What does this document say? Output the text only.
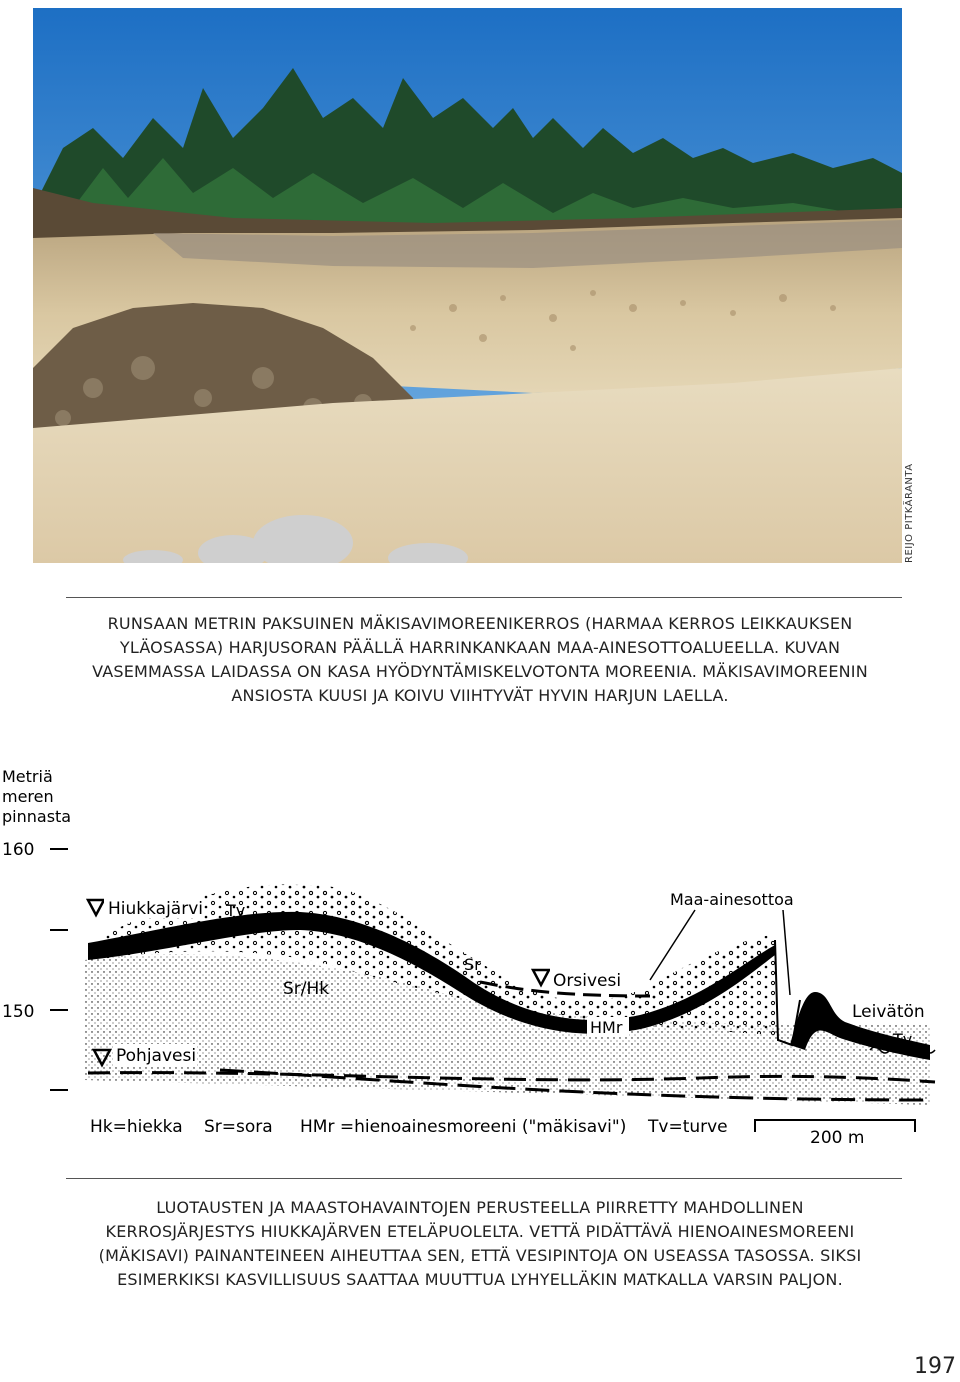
REIJO PITKÄRANTA
RUNSAAN METRIN PAKSUINEN MÄKISAVIMOREENIKERROS (HARMAA KERROS LEIKKAUKSEN
YLÄOSASSA) HARJUSORAN PÄÄLLÄ HARRINKANKAAN MAA-AINESOTTOALUEELLA. KUVAN
VASEMMASSA LAIDASSA ON KASA HYÖDYNTÄMISKELVOTONTA MOREENIA. MÄKISAVIMOREENIN
ANSIOSTA KUUSI JA KOIVU VIIHTYVÄT HYVIN HARJUN LAELLA.
Metriä
meren
pinnasta
160
150
Hiukkajärvi Tv
Maa-ainesottoa
Sr
Orsivesi
Sr/Hk
Leivätön
HMr
Pohjavesi
Tv
Hk=hiekka Sr=sora HMr =hienoainesmoreeni ("mäkisavi") Tv=turve
200 m
LUOTAUSTEN JA MAASTOHAVAINTOJEN PERUSTEELLA PIIRRETTY MAHDOLLINEN
KERROSJÄRJESTYS HIUKKAJÄRVEN ETELÄPUOLELTA. VETTÄ PIDÄTTÄVÄ HIENOAINESMOREENI
(MÄKISAVI) PAINANTEINEEN AIHEUTTAA SEN, ETTÄ VESIPINTOJA ON USEASSA TASOSSA. SIKSI
ESIMERKIKSI KASVILLISUUS SAATTAA MUUTTUA LYHYELLÄKIN MATKALLA VARSIN PALJON.
197
